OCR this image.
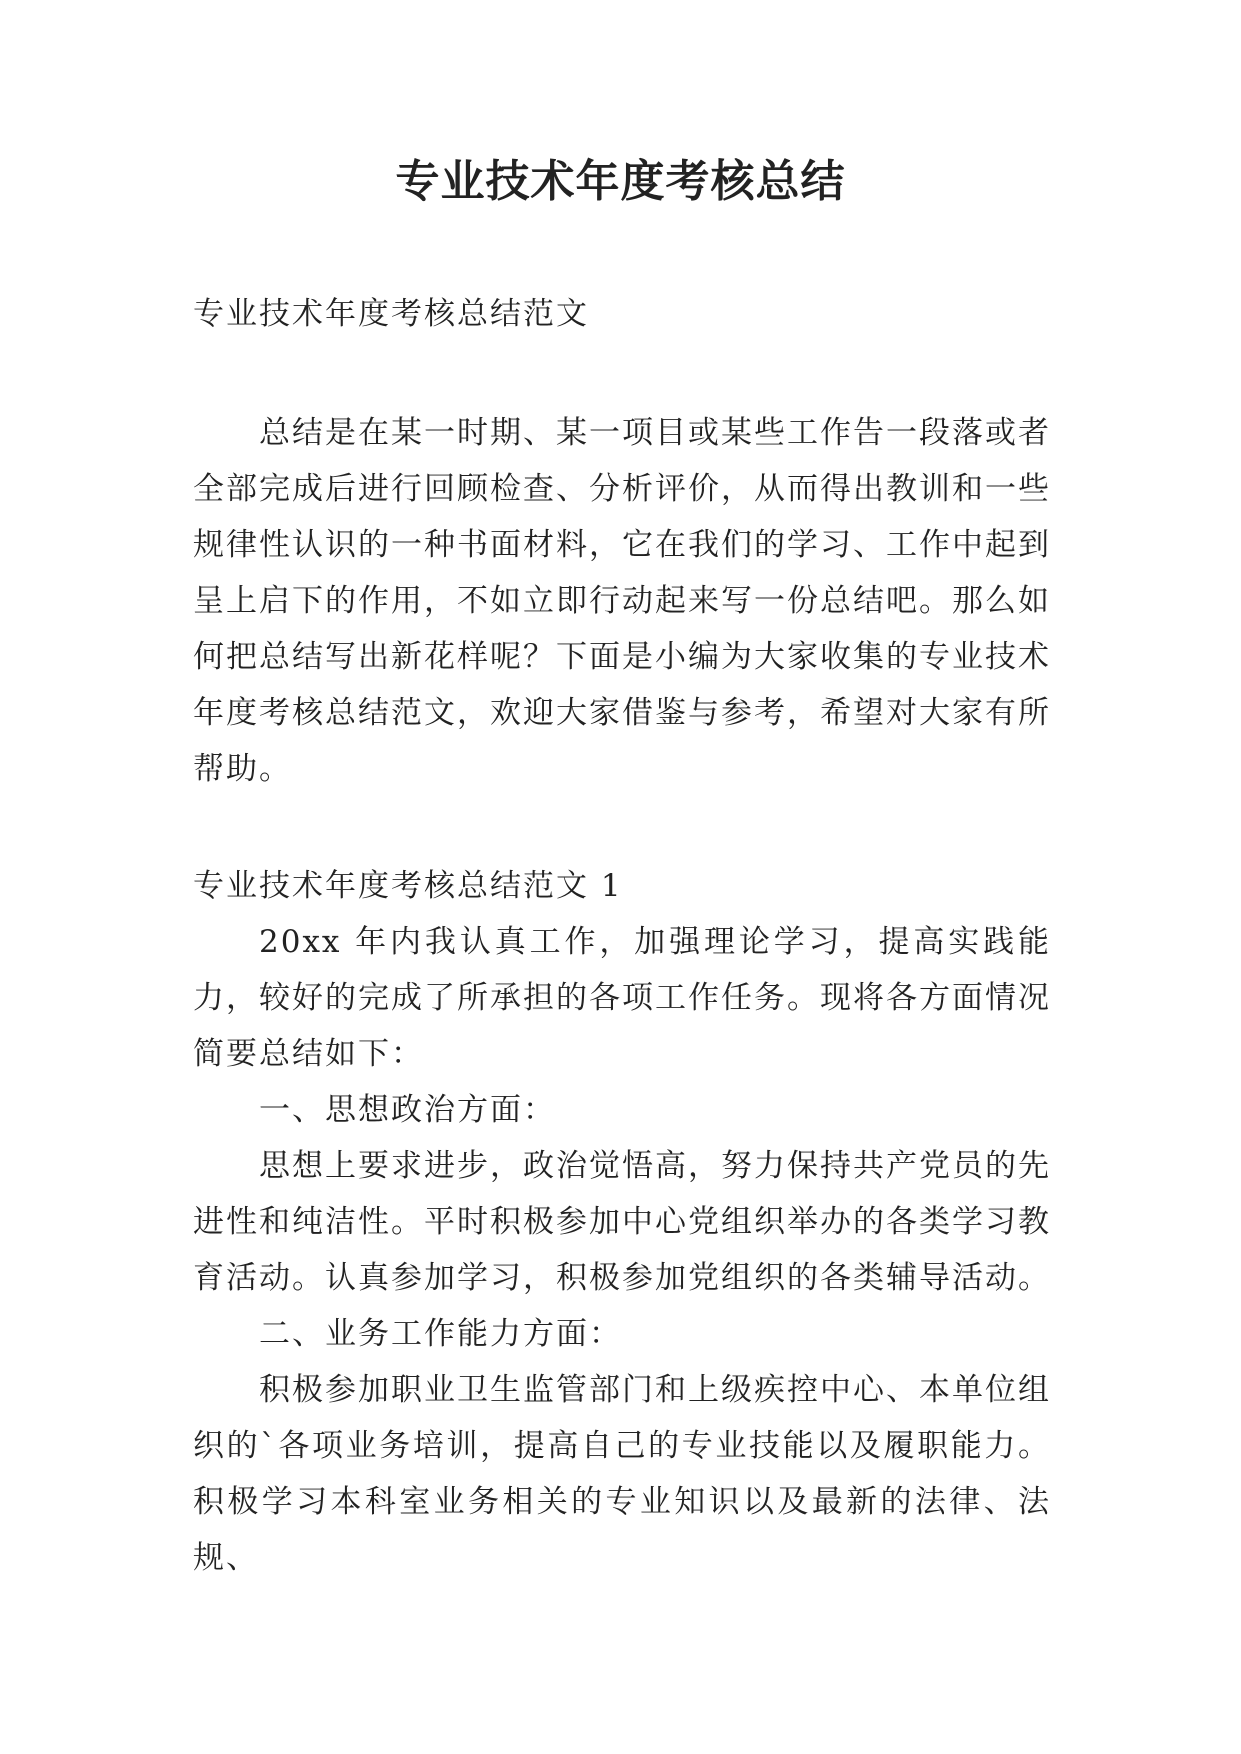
专业技术年度考核总结

专业技术年度考核总结范文

总结是在某一时期、某一项目或某些工作告一段落或者全部完成后进行回顾检查、分析评价，从而得出教训和一些规律性认识的一种书面材料，它在我们的学习、工作中起到呈上启下的作用，不如立即行动起来写一份总结吧。那么如何把总结写出新花样呢？下面是小编为大家收集的专业技术年度考核总结范文，欢迎大家借鉴与参考，希望对大家有所帮助。

专业技术年度考核总结范文 1

20xx 年内我认真工作，加强理论学习，提高实践能力，较好的完成了所承担的各项工作任务。现将各方面情况简要总结如下：

一、思想政治方面：

思想上要求进步，政治觉悟高，努力保持共产党员的先进性和纯洁性。平时积极参加中心党组织举办的各类学习教育活动。认真参加学习，积极参加党组织的各类辅导活动。

二、业务工作能力方面：

积极参加职业卫生监管部门和上级疾控中心、本单位组织的`各项业务培训，提高自己的专业技能以及履职能力。积极学习本科室业务相关的专业知识以及最新的法律、法规、
